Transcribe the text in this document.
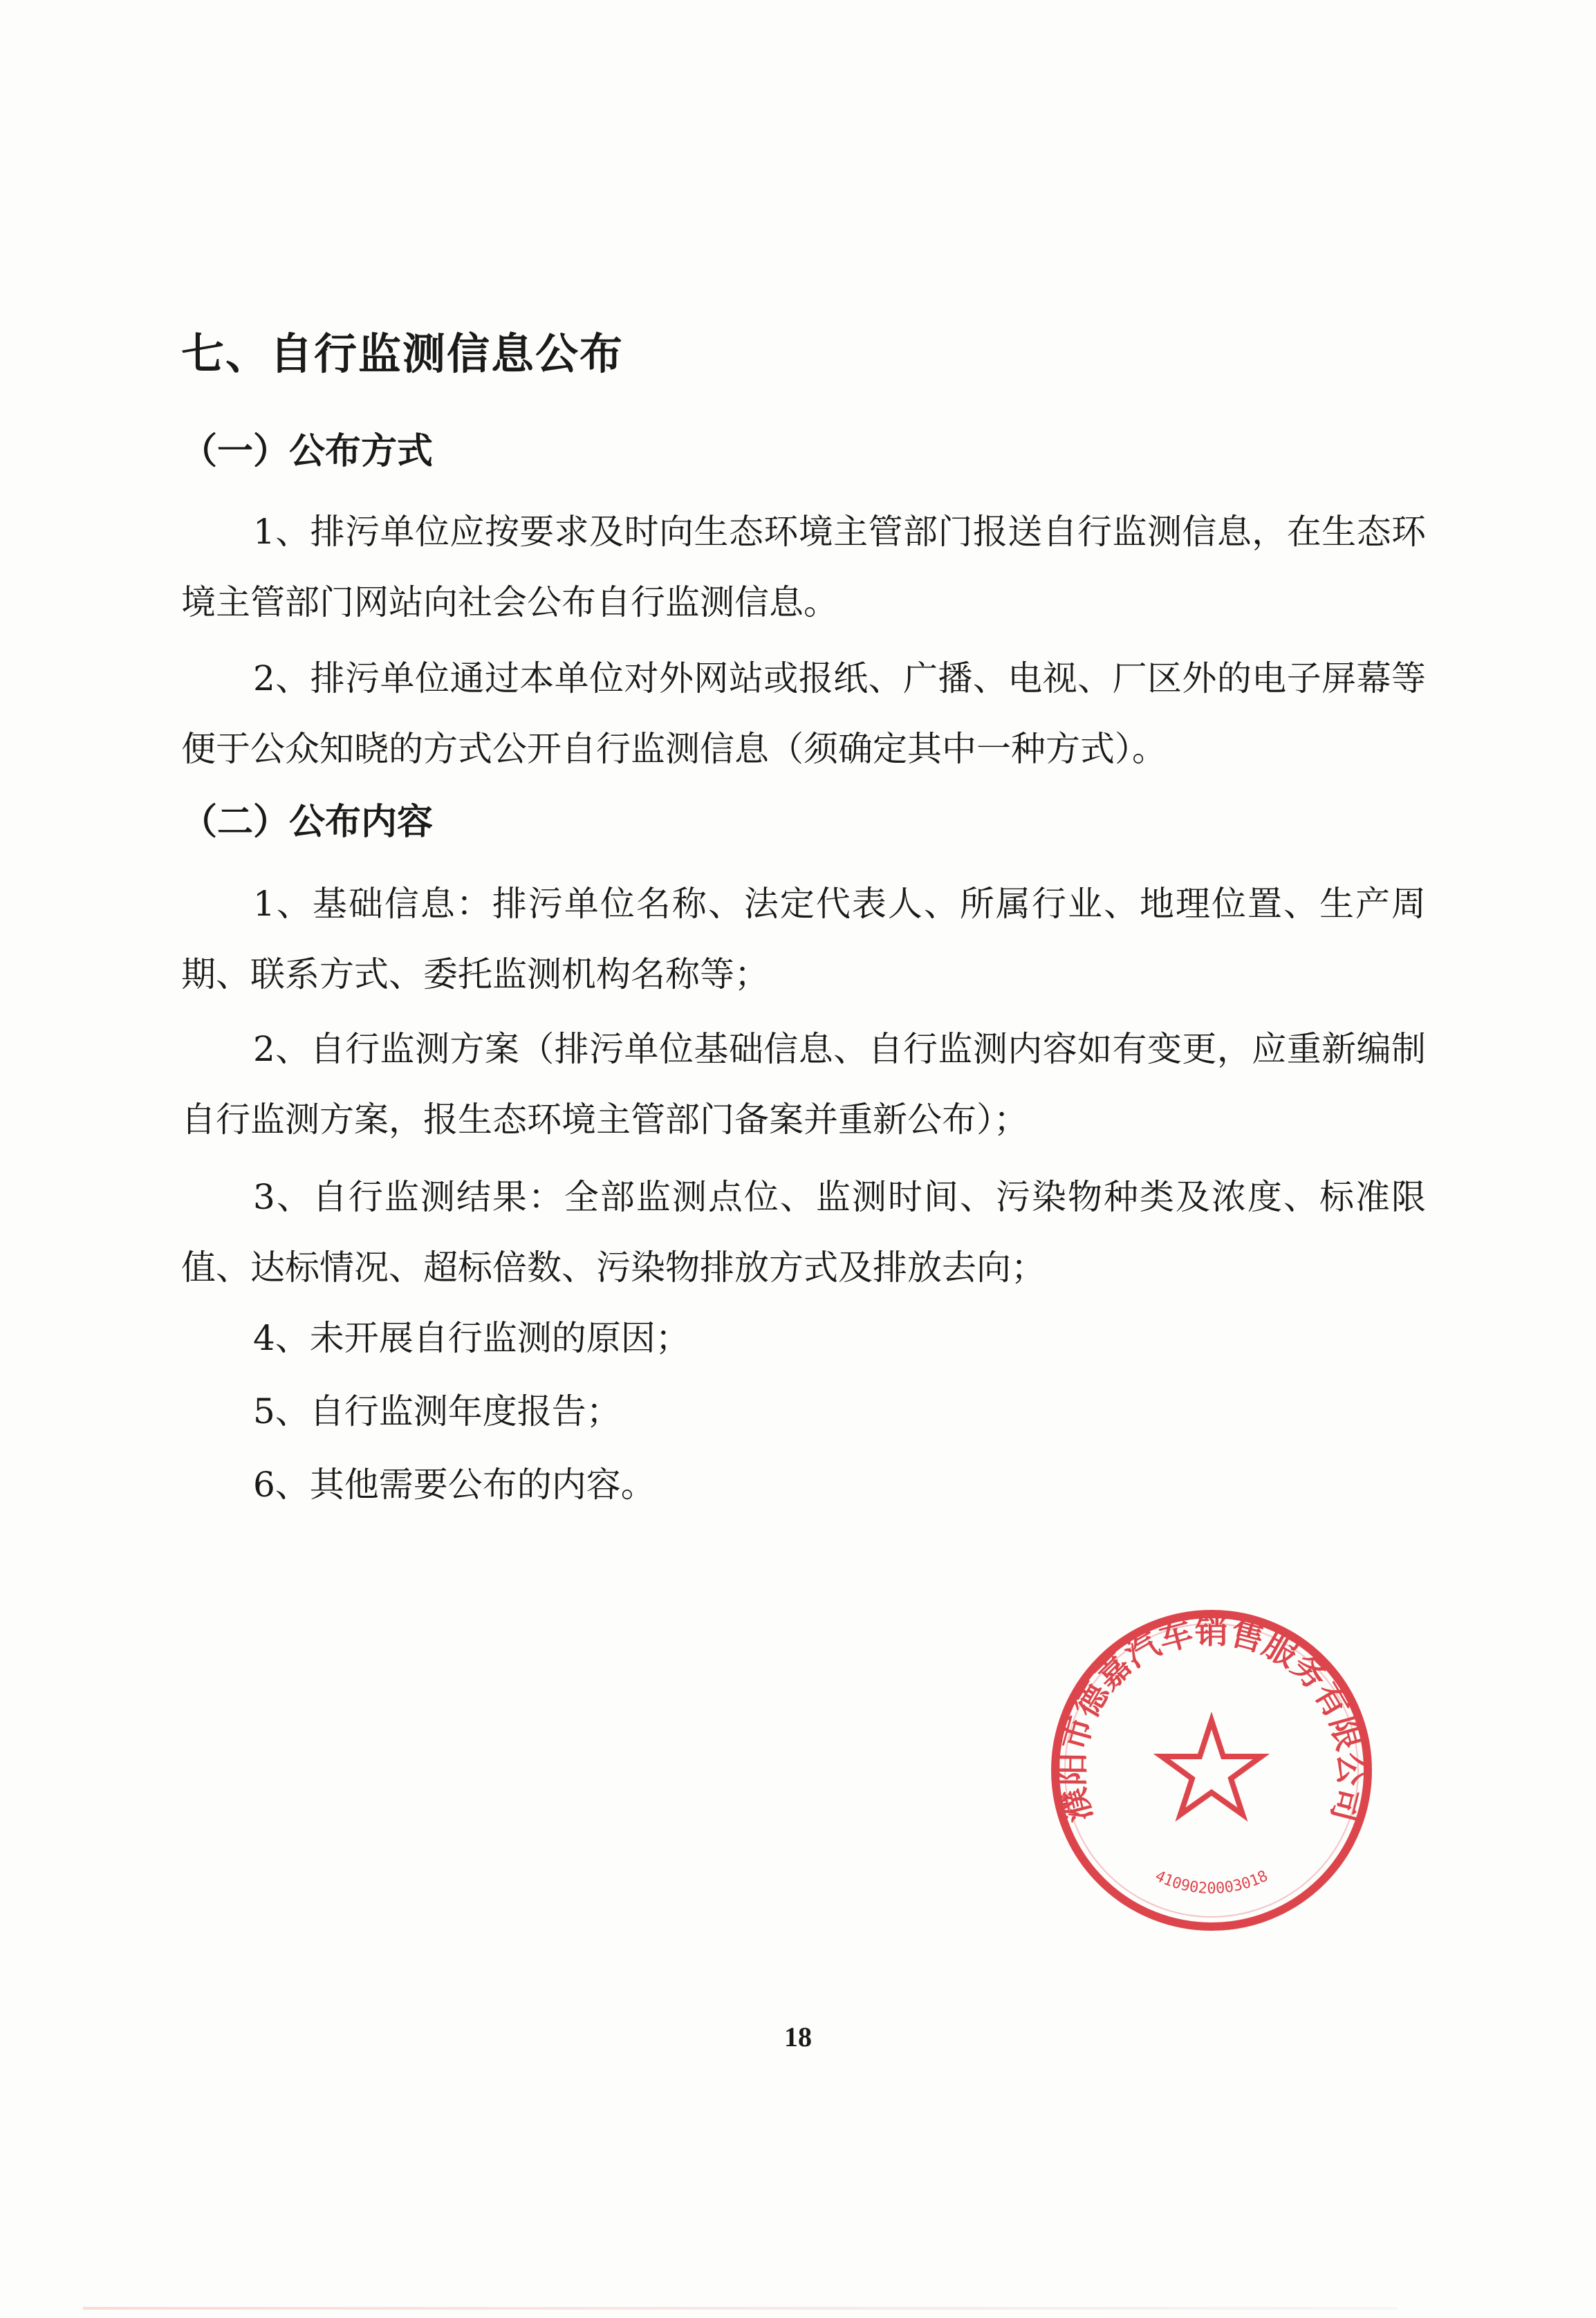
七、自行监测信息公布
（一）公布方式
1、排污单位应按要求及时向生态环境主管部门报送自行监测信息，在生态环境主管部门网站向社会公布自行监测信息。
2、排污单位通过本单位对外网站或报纸、广播、电视、厂区外的电子屏幕等便于公众知晓的方式公开自行监测信息（须确定其中一种方式）。
（二）公布内容
1、基础信息：排污单位名称、法定代表人、所属行业、地理位置、生产周期、联系方式、委托监测机构名称等；
2、自行监测方案（排污单位基础信息、自行监测内容如有变更，应重新编制自行监测方案，报生态环境主管部门备案并重新公布）；
3、自行监测结果：全部监测点位、监测时间、污染物种类及浓度、标准限值、达标情况、超标倍数、污染物排放方式及排放去向；
4、未开展自行监测的原因；
5、自行监测年度报告；
6、其他需要公布的内容。
濮阳市德嘉汽车销售服务有限公司
4109020003018
18
